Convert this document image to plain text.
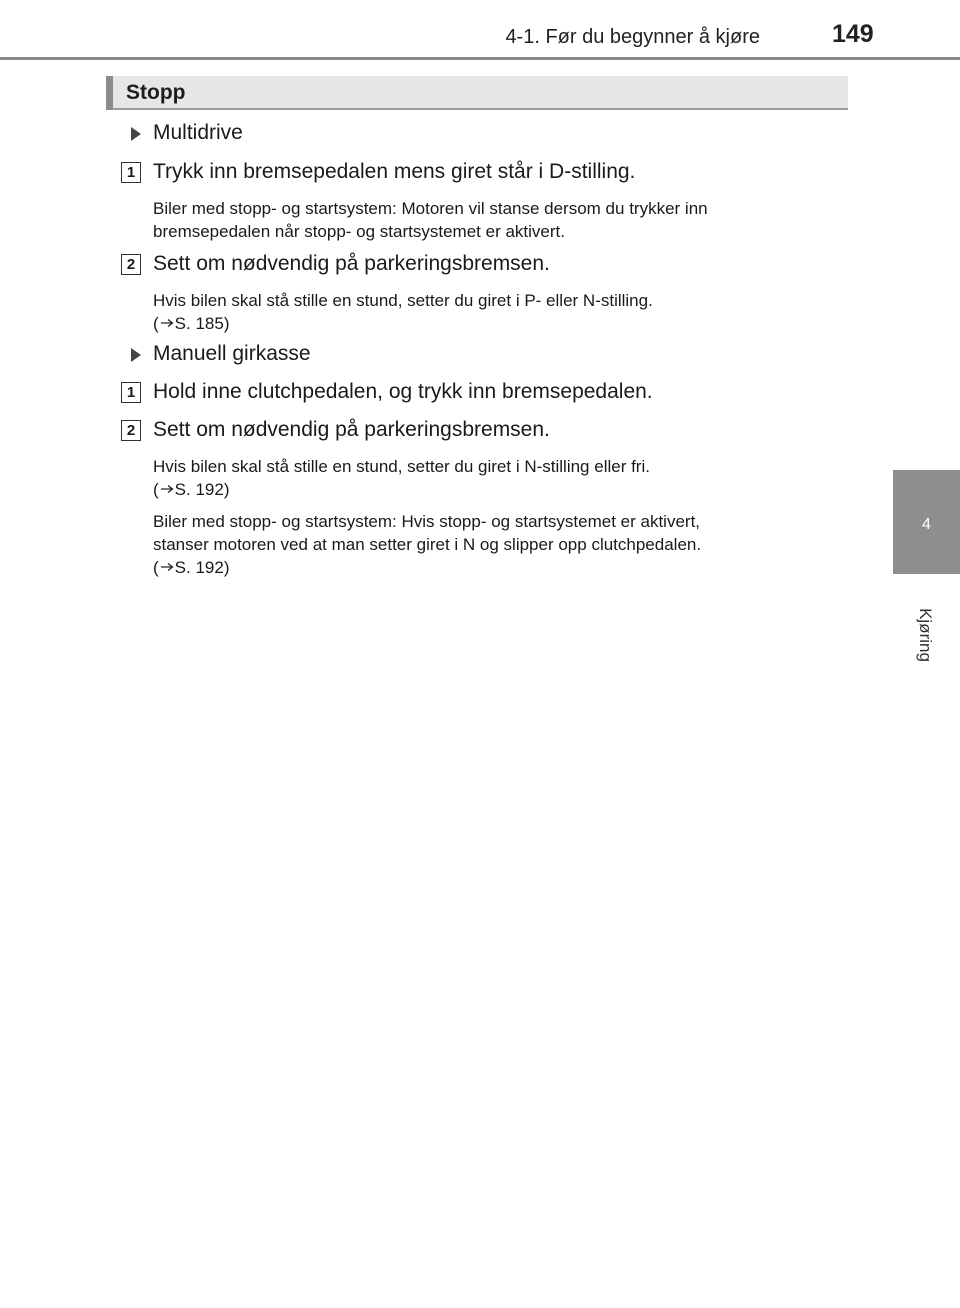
4-1. Før du begynner å kjøre	149
4
Kjøring
Stopp
Multidrive
1 Trykk inn bremsepedalen mens giret står i D-stilling.
Biler med stopp- og startsystem: Motoren vil stanse dersom du trykker inn
bremsepedalen når stopp- og startsystemet er aktivert.
2 Sett om nødvendig på parkeringsbremsen.
Hvis bilen skal stå stille en stund, setter du giret i P- eller N-stilling.
( S. 185)
Manuell girkasse
1 Hold inne clutchpedalen, og trykk inn bremsepedalen.
2 Sett om nødvendig på parkeringsbremsen.
Hvis bilen skal stå stille en stund, setter du giret i N-stilling eller fri.
( S. 192)
Biler med stopp- og startsystem: Hvis stopp- og startsystemet er aktivert,
stanser motoren ved at man setter giret i N og slipper opp clutchpedalen.
( S. 192)
